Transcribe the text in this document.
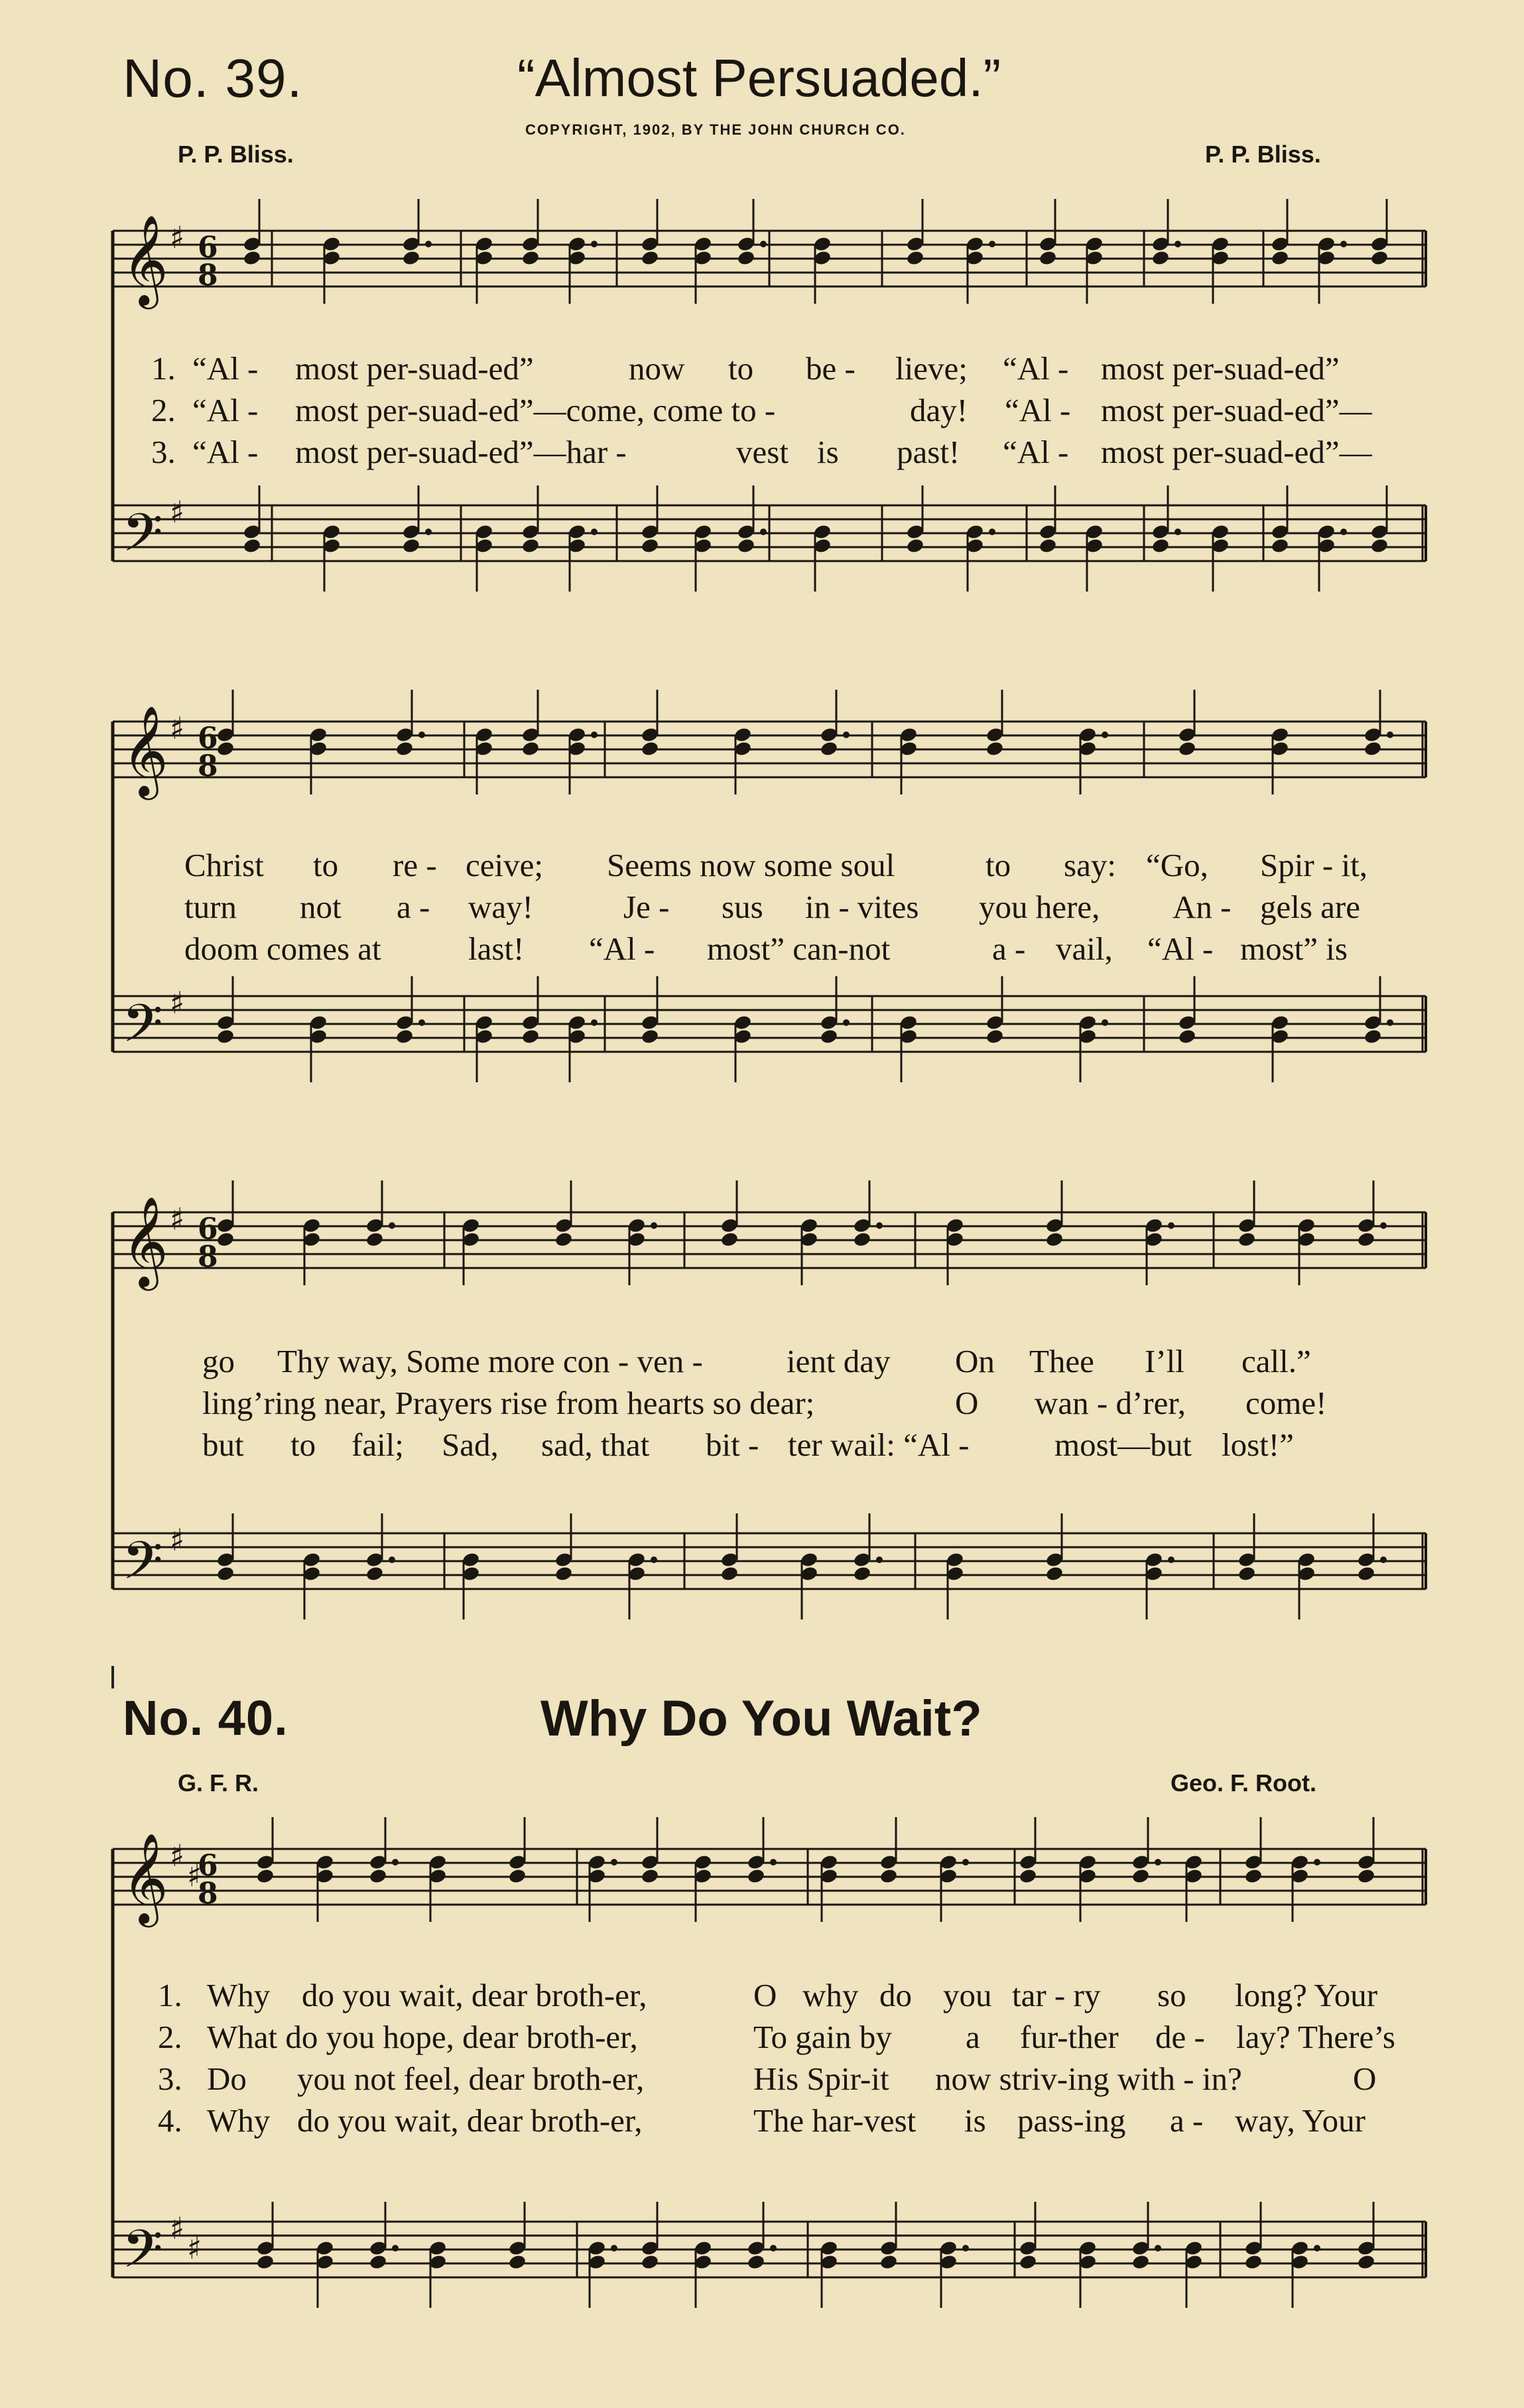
No. 39.	“Almost Persuaded.”
COPYRIGHT, 1902, BY THE JOHN CHURCH CO.
P. P. Bliss.	P. P. Bliss.
𝄞 ♯
𝄢 ♯
6
8
𝄞 ♯
𝄢 ♯
6
8
𝄞 ♯
𝄢 ♯
6
8
1. “Al - most per-suad-ed”	now to be - lieve; “Al - most per-suad-ed”
2. “Al - most per-suad-ed”—come, come to -	day! “Al - most per-suad-ed”—
3. “Al - most per-suad-ed”—har -	vest is past! “Al - most per-suad-ed”—
Christ to re - ceive; Seems now some soul	to say: “Go, Spir - it,
turn not a - way!	Je - sus in - vites you here, An - gels are
doom comes at	last! “Al - most” can-not	a - vail, “Al - most” is
go Thy way, Some more con - ven -	ient day On Thee I’ll call.”
ling’ring near, Prayers rise from hearts so dear;	O wan - d’rer, come!
but to fail; Sad, sad, that bit - ter wail: “Al -	most—but lost!”
No. 40.	Why Do You Wait?
G. F. R.	Geo. F. Root.
𝄞 ♯
♯
𝄢 ♯
♯
6
8
1. Why do you wait, dear broth-er,	O why do you tar - ry so long? Your
2. What do you hope, dear broth-er,	To gain by a fur-ther de - lay? There’s
3. Do you not feel, dear broth-er,	His Spir-it now striv-ing with - in?	O
4. Why do you wait, dear broth-er,	The har-vest is pass-ing a - way, Your
